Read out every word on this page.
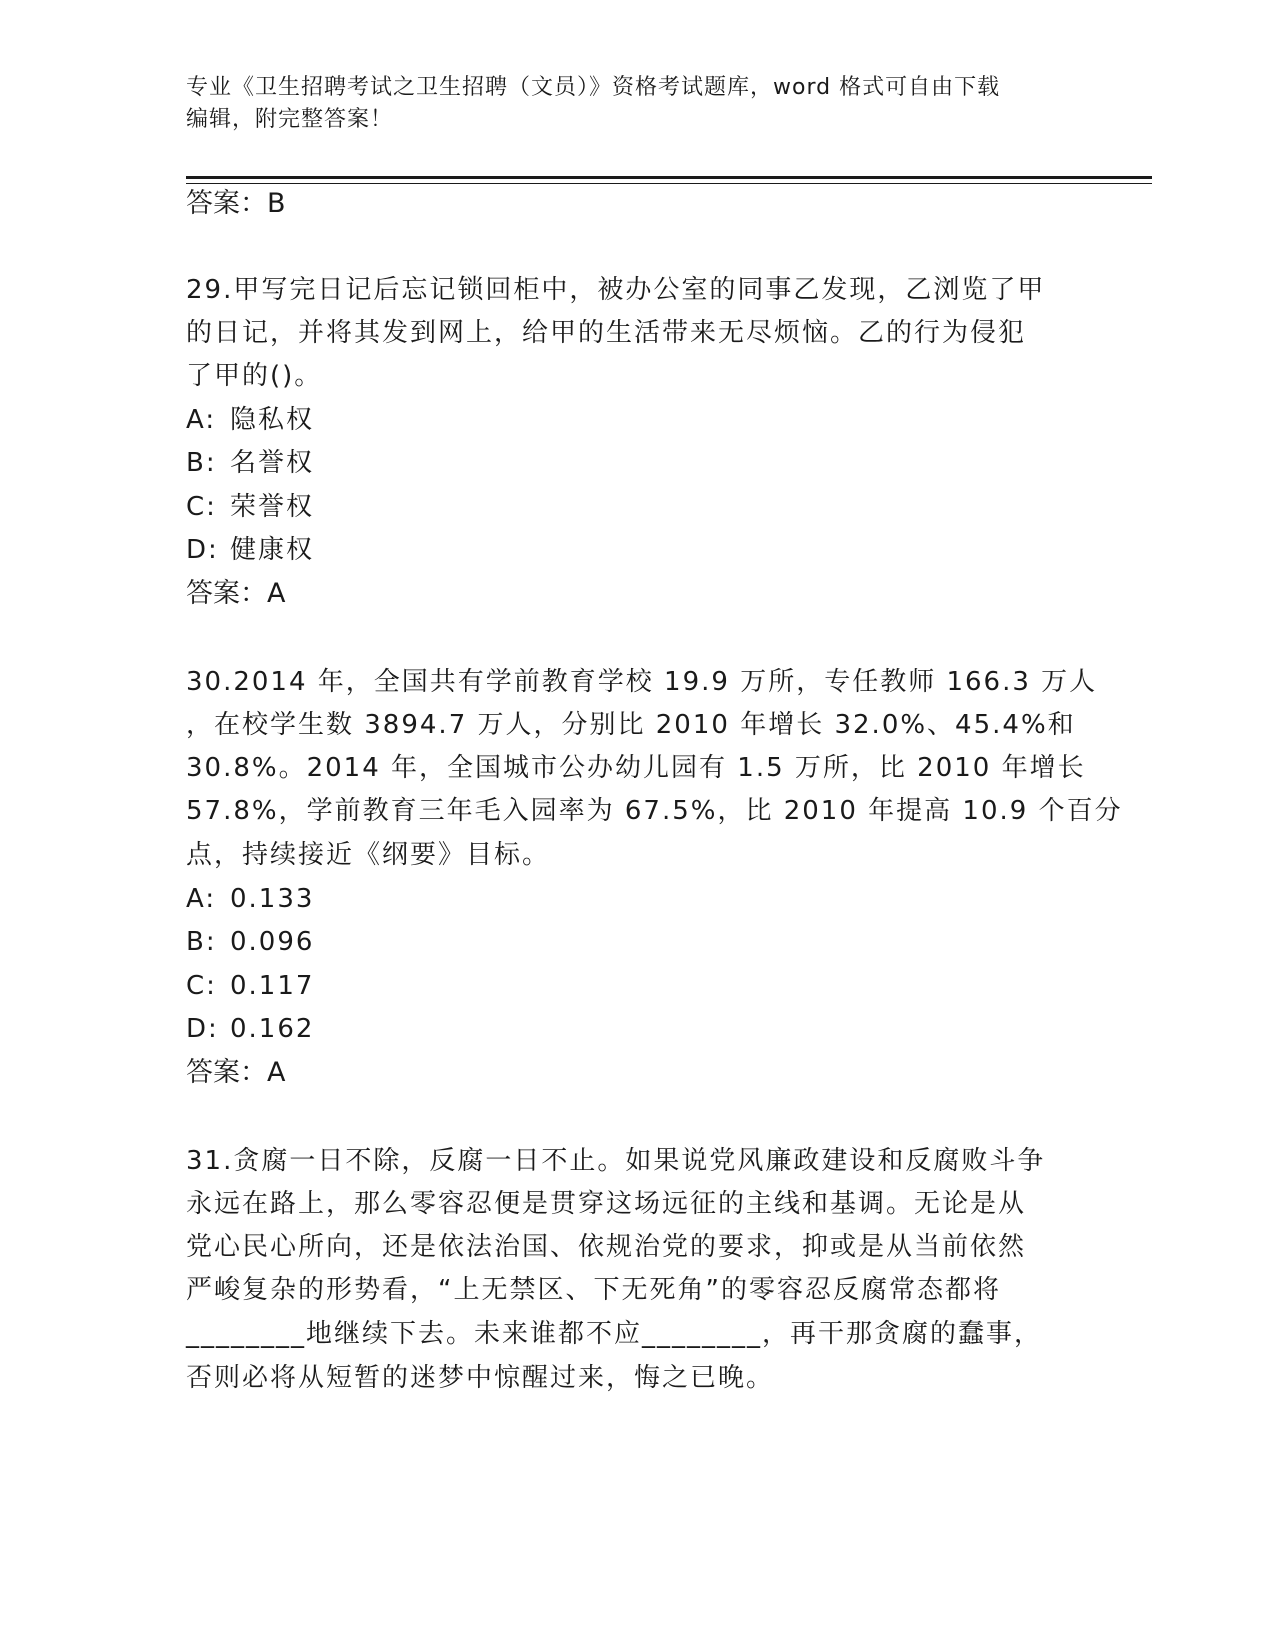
专业《卫生招聘考试之卫生招聘（文员）》资格考试题库，word 格式可自由下载
编辑，附完整答案！
答案：B
29.甲写完日记后忘记锁回柜中，被办公室的同事乙发现，乙浏览了甲
的日记，并将其发到网上，给甲的生活带来无尽烦恼。乙的行为侵犯
了甲的()。
A: 隐私权
B: 名誉权
C: 荣誉权
D: 健康权
答案：A
30.2014 年，全国共有学前教育学校 19.9 万所，专任教师 166.3 万人
，在校学生数 3894.7 万人，分别比 2010 年增长 32.0%、45.4%和
30.8%。2014 年，全国城市公办幼儿园有 1.5 万所，比 2010 年增长
57.8%，学前教育三年毛入园率为 67.5%，比 2010 年提高 10.9 个百分
点，持续接近《纲要》目标。
A: 0.133
B: 0.096
C: 0.117
D: 0.162
答案：A
31.贪腐一日不除，反腐一日不止。如果说党风廉政建设和反腐败斗争
永远在路上，那么零容忍便是贯穿这场远征的主线和基调。无论是从
党心民心所向，还是依法治国、依规治党的要求，抑或是从当前依然
严峻复杂的形势看，“上无禁区、下无死角”的零容忍反腐常态都将
________地继续下去。未来谁都不应________，再干那贪腐的蠢事，
否则必将从短暂的迷梦中惊醒过来，悔之已晚。
